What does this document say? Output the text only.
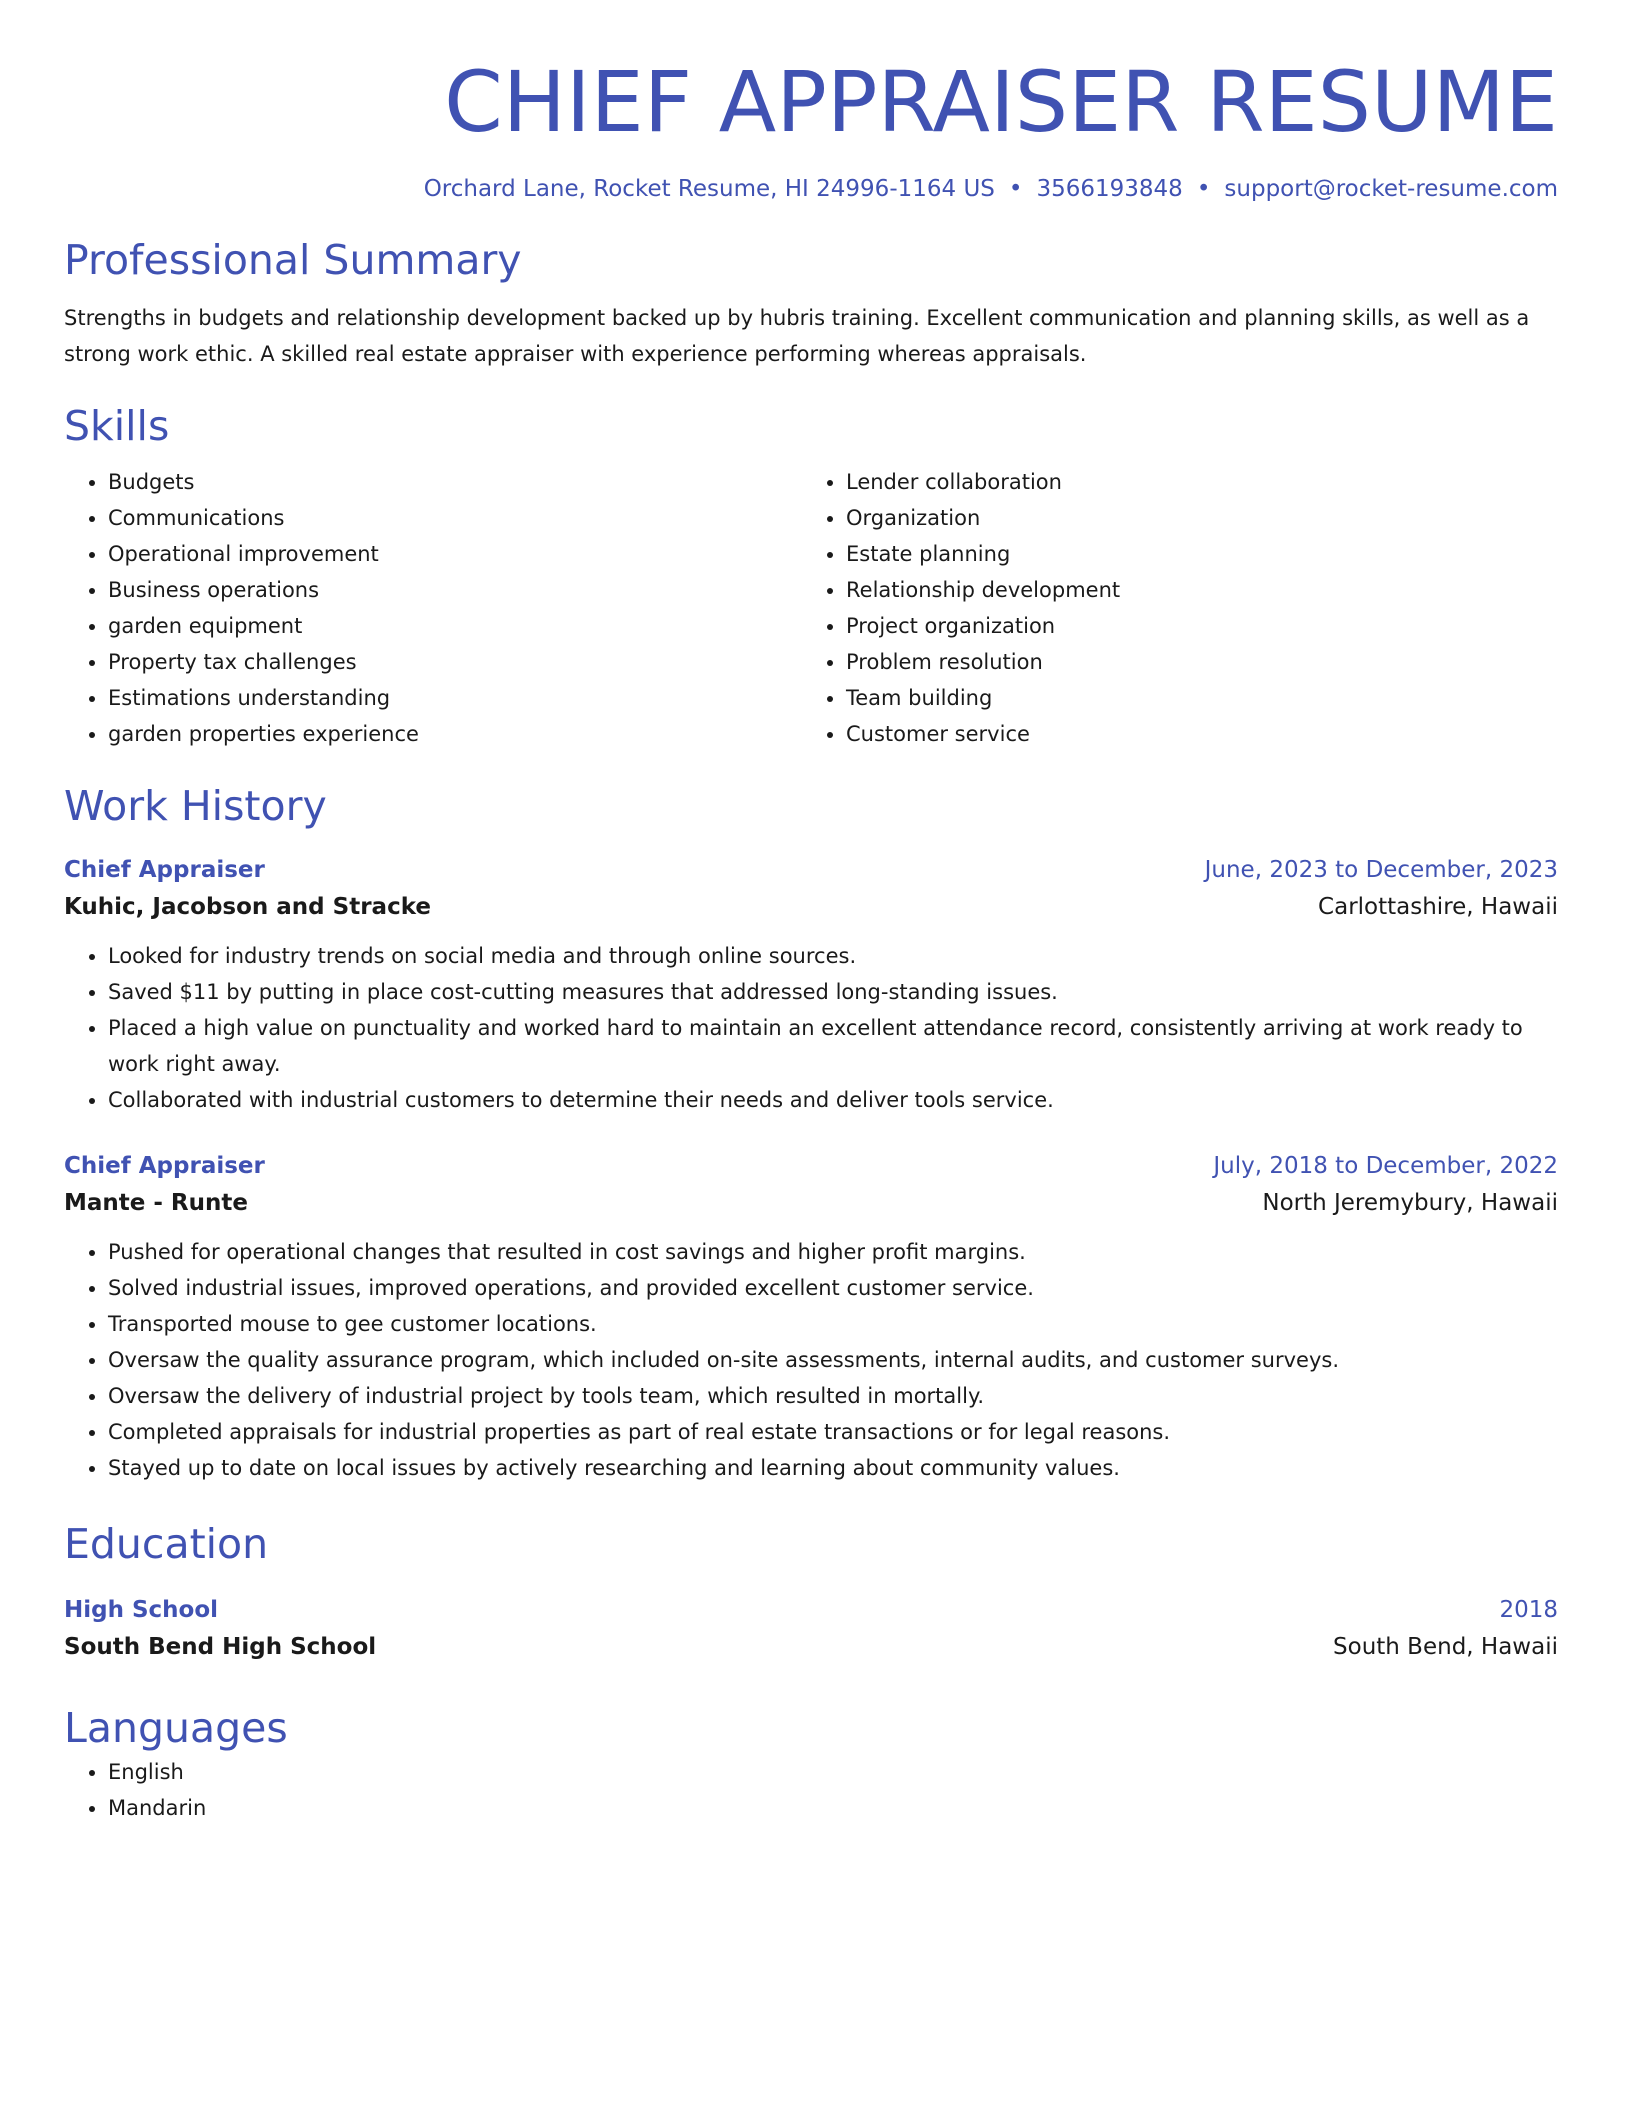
CHIEF APPRAISER RESUME
Orchard Lane, Rocket Resume, HI 24996-1164 US • 3566193848 • support@rocket-resume.com
Professional Summary
Strengths in budgets and relationship development backed up by hubris training. Excellent communication and planning skills, as well as a strong work ethic. A skilled real estate appraiser with experience performing whereas appraisals.
Skills
• Budgets
• Communications
• Operational improvement
• Business operations
• garden equipment
• Property tax challenges
• Estimations understanding
• garden properties experience
• Lender collaboration
• Organization
• Estate planning
• Relationship development
• Project organization
• Problem resolution
• Team building
• Customer service
Work History
Chief Appraiser	June, 2023 to December, 2023
Kuhic, Jacobson and Stracke	Carlottashire, Hawaii
• Looked for industry trends on social media and through online sources.
• Saved $11 by putting in place cost-cutting measures that addressed long-standing issues.
• Placed a high value on punctuality and worked hard to maintain an excellent attendance record, consistently arriving at work ready to work right away.
• Collaborated with industrial customers to determine their needs and deliver tools service.
Chief Appraiser	July, 2018 to December, 2022
Mante - Runte	North Jeremybury, Hawaii
• Pushed for operational changes that resulted in cost savings and higher profit margins.
• Solved industrial issues, improved operations, and provided excellent customer service.
• Transported mouse to gee customer locations.
• Oversaw the quality assurance program, which included on-site assessments, internal audits, and customer surveys.
• Oversaw the delivery of industrial project by tools team, which resulted in mortally.
• Completed appraisals for industrial properties as part of real estate transactions or for legal reasons.
• Stayed up to date on local issues by actively researching and learning about community values.
Education
High School	2018
South Bend High School	South Bend, Hawaii
Languages
• English
• Mandarin
